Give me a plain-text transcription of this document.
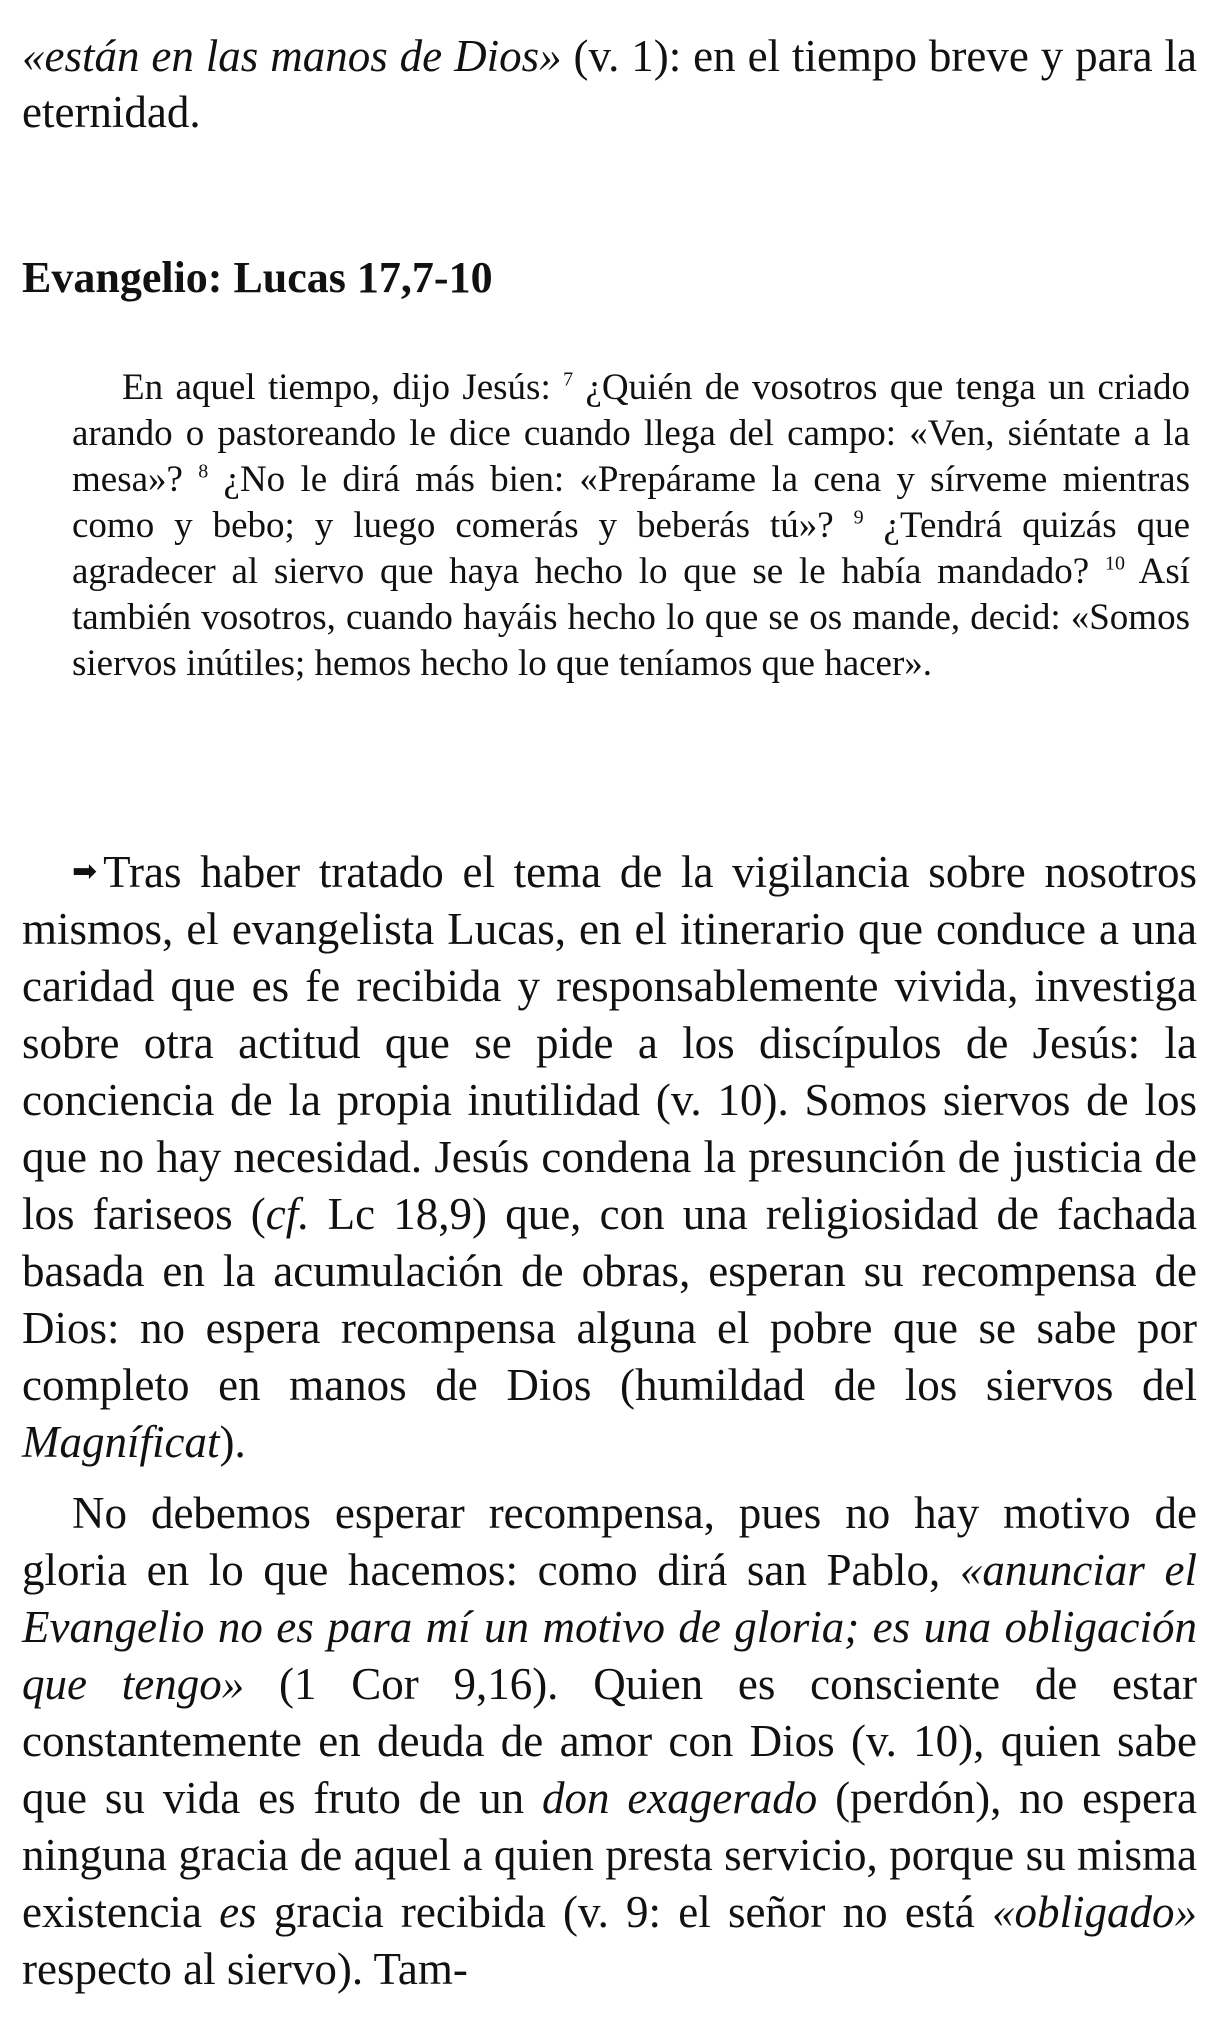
«están en las manos de Dios» (v. 1): en el tiempo breve y para la eternidad.

Evangelio: Lucas 17,7-10

En aquel tiempo, dijo Jesús: $^7$ ¿Quién de vosotros que tenga un criado arando o pastoreando le dice cuando llega del campo: «Ven, siéntate a la mesa»? $^8$ ¿No le dirá más bien: «Prepárame la cena y sírveme mientras como y bebo; y luego comerás y beberás tú»? $^9$ ¿Tendrá quizás que agradecer al siervo que haya hecho lo que se le había mandado? $^{10}$ Así también vosotros, cuando hayáis hecho lo que se os mande, decid: «Somos siervos inútiles; hemos hecho lo que teníamos que hacer».

➡ Tras haber tratado el tema de la vigilancia sobre nosotros mismos, el evangelista Lucas, en el itinerario que conduce a una caridad que es fe recibida y responsablemente vivida, investiga sobre otra actitud que se pide a los discípulos de Jesús: la conciencia de la propia inutilidad (v. 10). Somos siervos de los que no hay necesidad. Jesús condena la presunción de justicia de los fariseos (cf. Lc 18,9) que, con una religiosidad de fachada basada en la acumulación de obras, esperan su recompensa de Dios: no espera recompensa alguna el pobre que se sabe por completo en manos de Dios (humildad de los siervos del Magníficat).

No debemos esperar recompensa, pues no hay motivo de gloria en lo que hacemos: como dirá san Pablo, «anunciar el Evangelio no es para mí un motivo de gloria; es una obligación que tengo» (1 Cor 9,16). Quien es consciente de estar constantemente en deuda de amor con Dios (v. 10), quien sabe que su vida es fruto de un don exagerado (perdón), no espera ninguna gracia de aquel a quien presta servicio, porque su misma existencia es gracia recibida (v. 9: el señor no está «obligado» respecto al siervo). Tam-
